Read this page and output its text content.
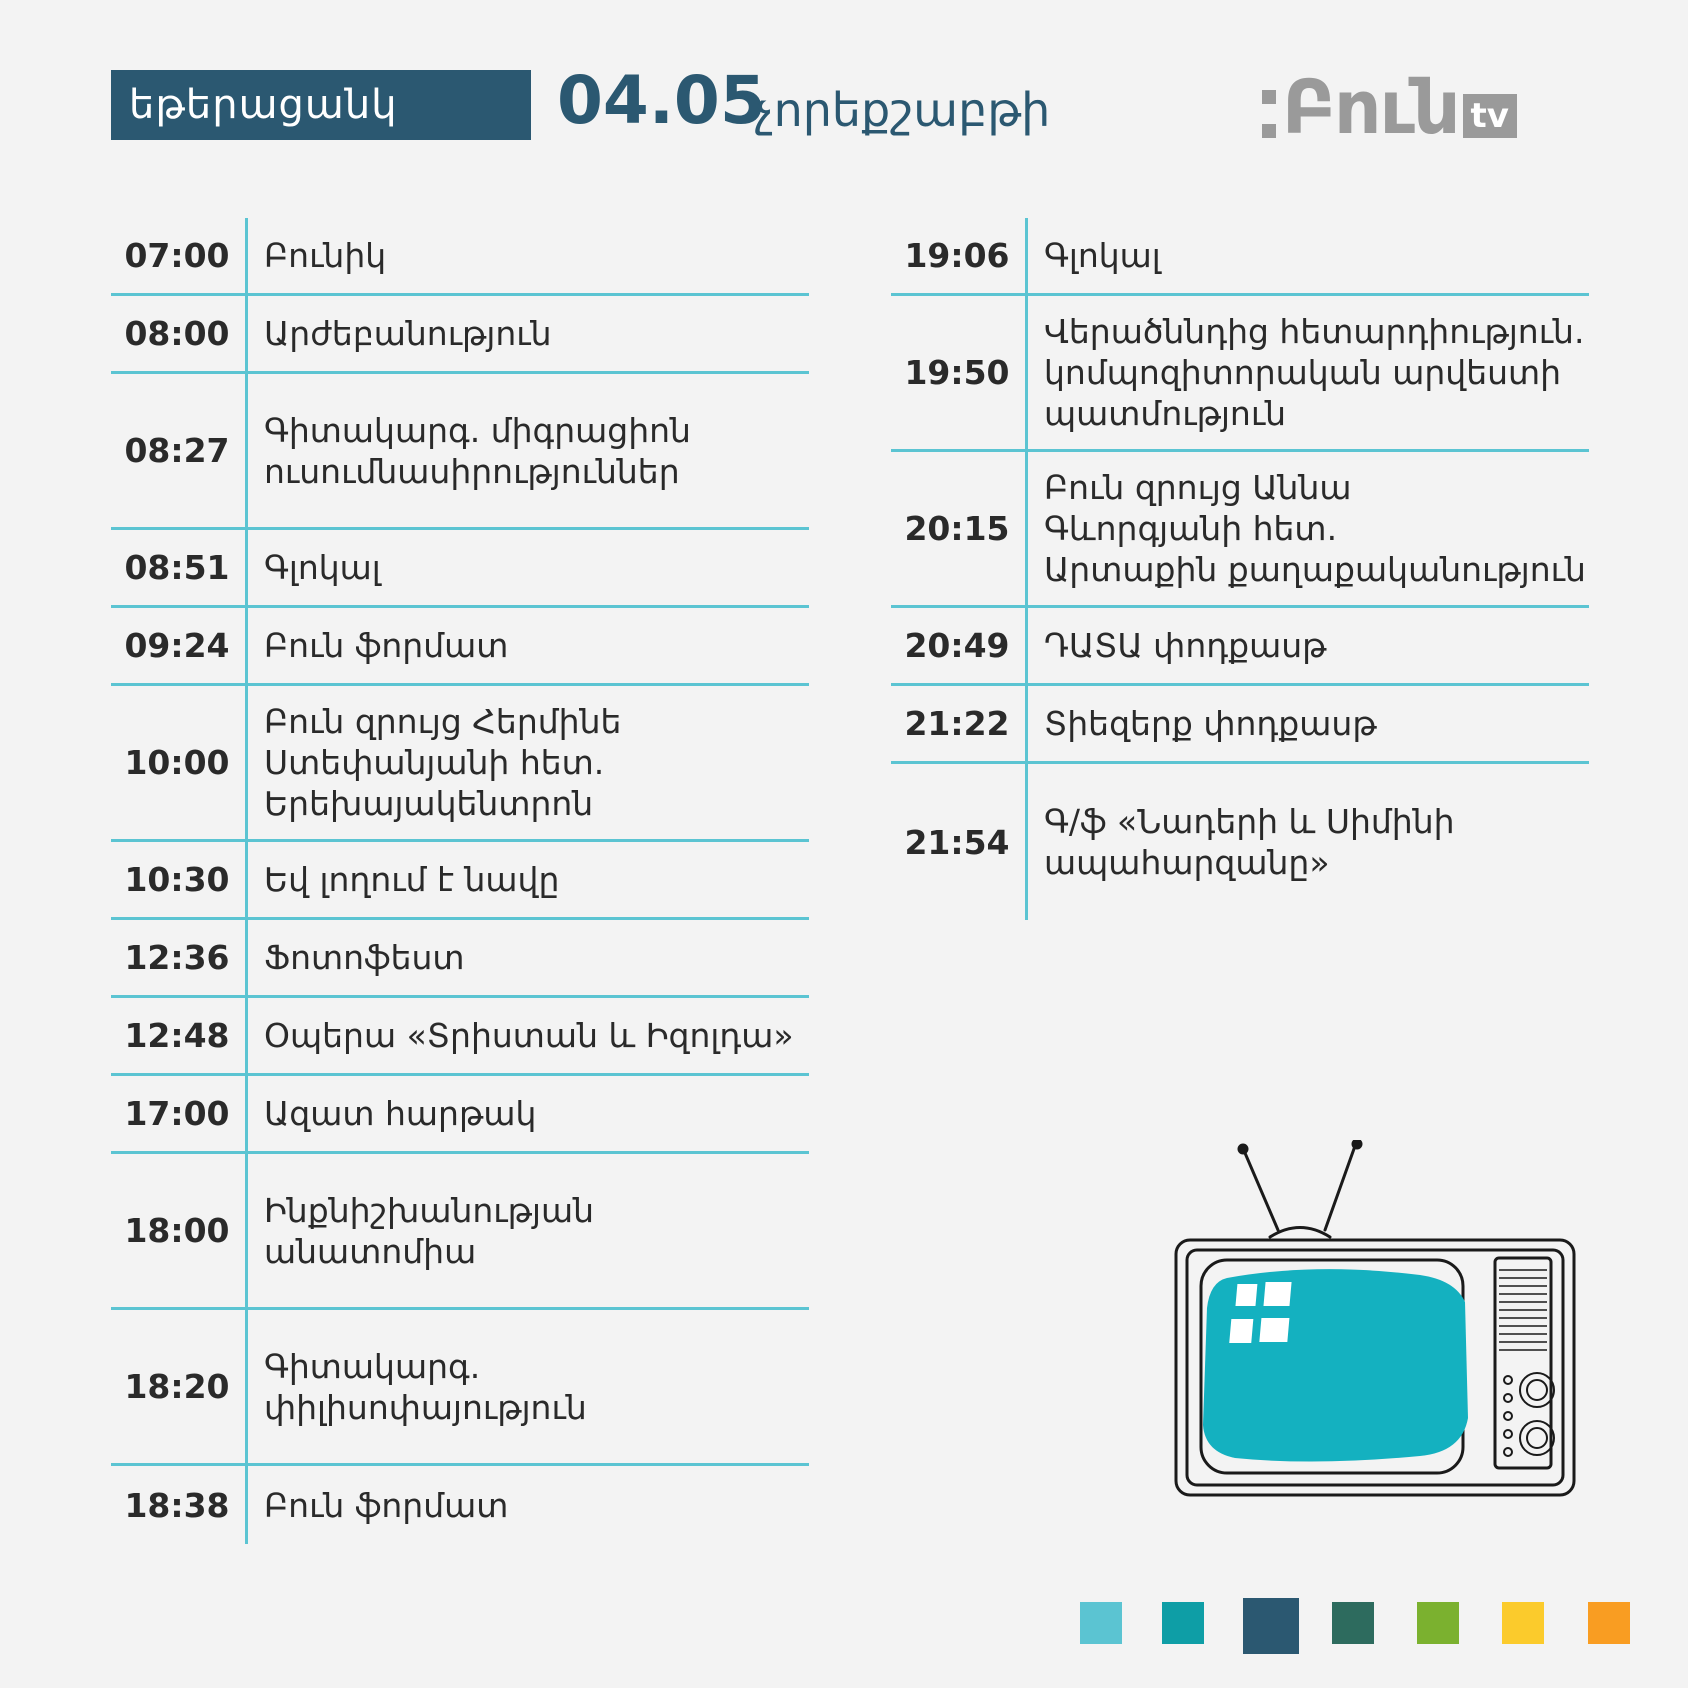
եթերացանկ 04.05
չորեքշաբթի	Բուն tv
07:00	Բունիկ
08:00	Արժեբանություն
08:27
Գիտակարգ. միգրացիոն
ուսումնասիրություններ
08:51	Գլոկալ
09:24	Բուն ֆորմատ
10:00
Բուն զրույց Հերմինե
Ստեփանյանի հետ.
Երեխայակենտրոն
10:30	Եվ լողում է նավը
12:36	Ֆոտոֆեստ
12:48	Օպերա «Տրիստան և Իզոլդա»
17:00	Ազատ հարթակ
18:00
Ինքնիշխանության
անատոմիա
18:20
Գիտակարգ.
փիլիսոփայություն
18:38	Բուն ֆորմատ
19:06	Գլոկալ
19:50
Վերածննդից հետարդիություն.
կոմպոզիտորական արվեստի
պատմություն
20:15
Բուն զրույց Աննա
Գևորգյանի հետ.
Արտաքին քաղաքականություն
20:49	ԴԱՏԱ փոդքասթ
21:22	Տիեզերք փոդքասթ
21:54
Գ/ֆ «Նադերի և Սիմինի
ապահարզանը»
